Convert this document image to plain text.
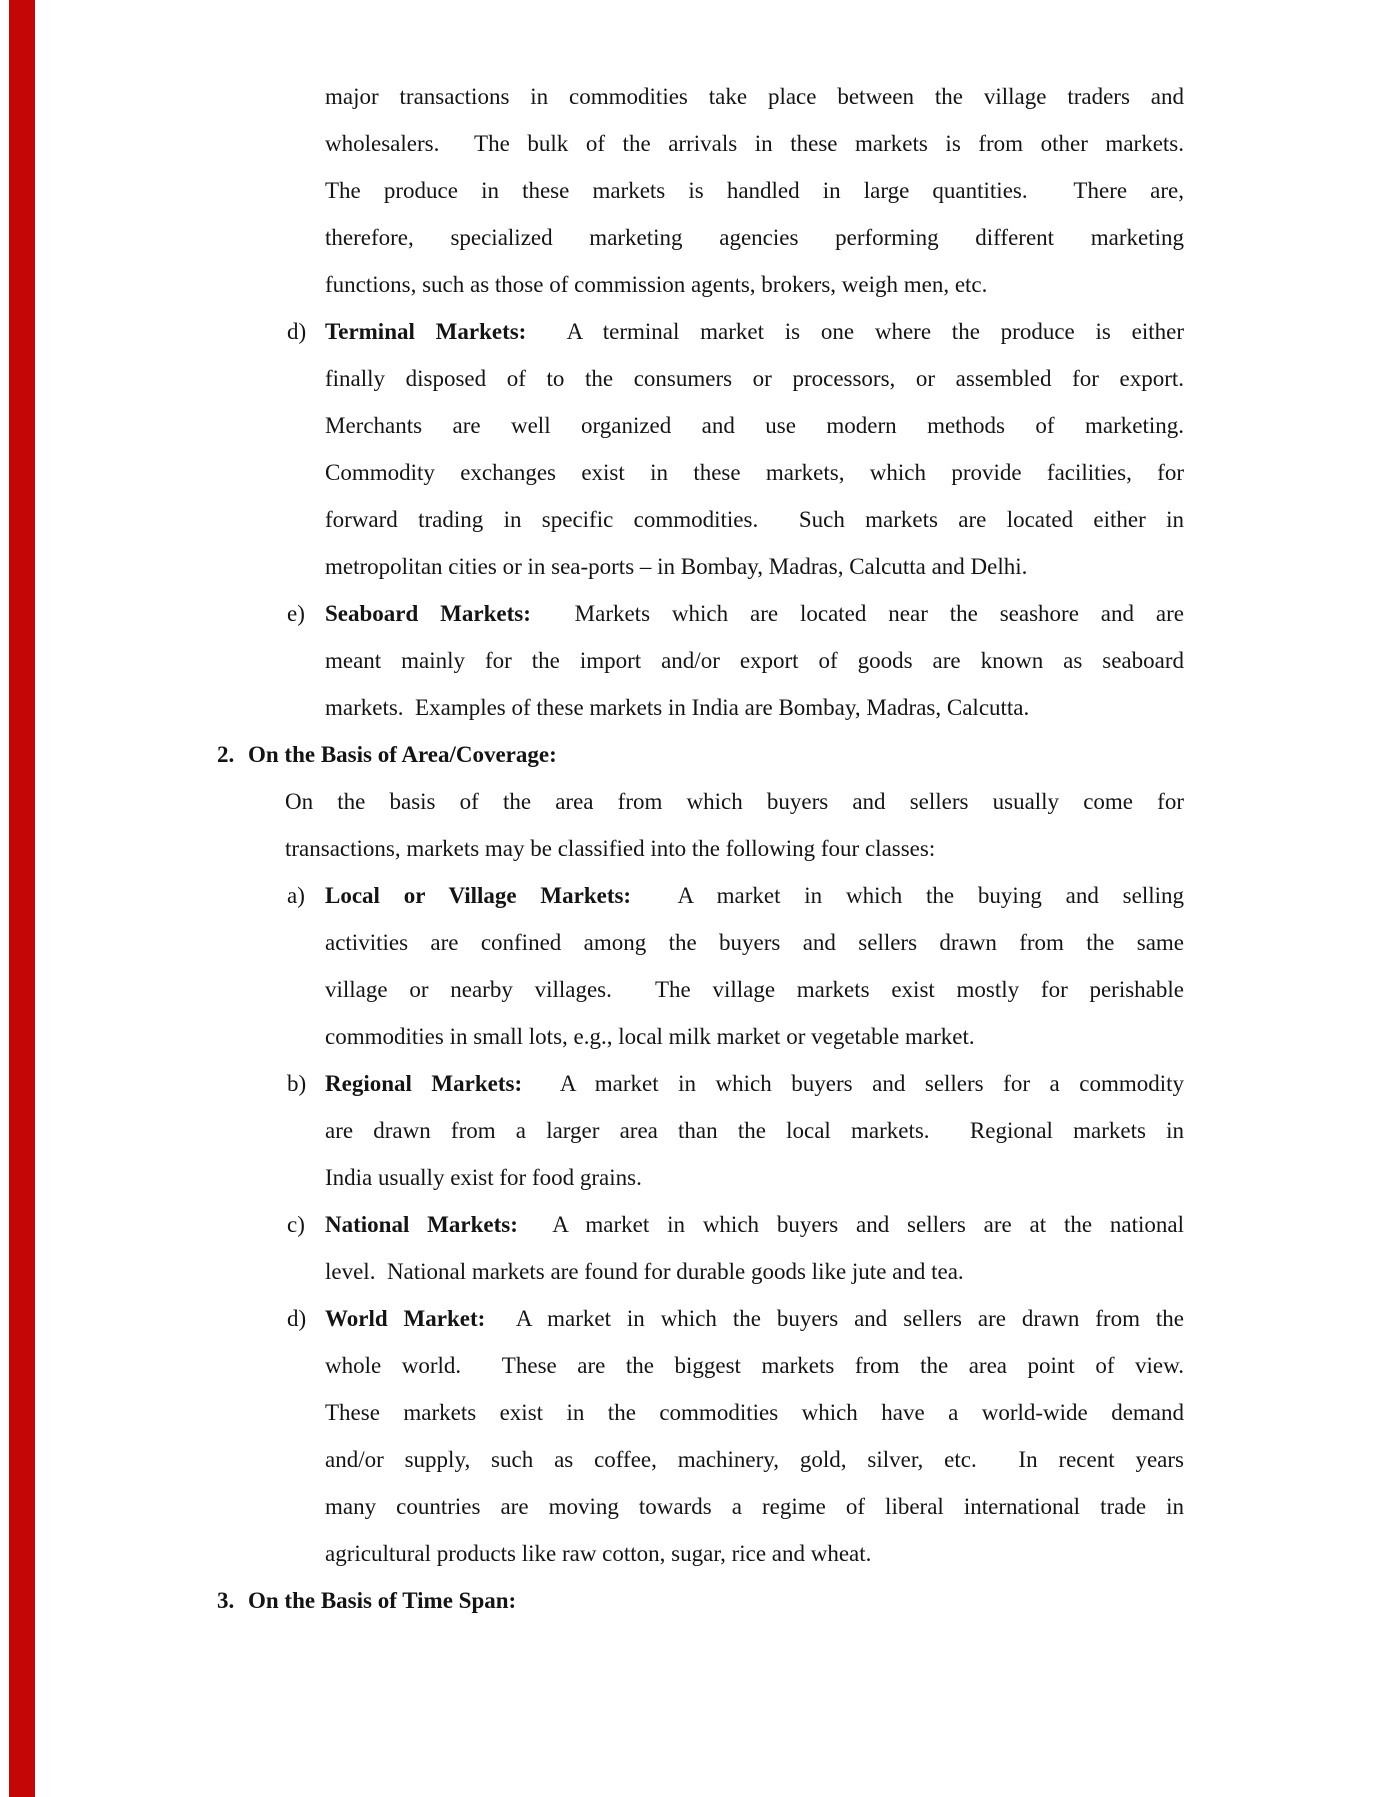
major transactions in commodities take place between the village traders and
wholesalers.  The bulk of the arrivals in these markets is from other markets.
The produce in these markets is handled in large quantities.  There are,
therefore, specialized marketing agencies performing different marketing
functions, such as those of commission agents, brokers, weigh men, etc.
d) Terminal Markets:  A terminal market is one where the produce is either
finally disposed of to the consumers or processors, or assembled for export.
Merchants are well organized and use modern methods of marketing.
Commodity exchanges exist in these markets, which provide facilities, for
forward trading in specific commodities.  Such markets are located either in
metropolitan cities or in sea-ports – in Bombay, Madras, Calcutta and Delhi.
e) Seaboard Markets:  Markets which are located near the seashore and are
meant mainly for the import and/or export of goods are known as seaboard
markets.  Examples of these markets in India are Bombay, Madras, Calcutta.
2. On the Basis of Area/Coverage:
On the basis of the area from which buyers and sellers usually come for
transactions, markets may be classified into the following four classes:
a) Local or Village Markets:  A market in which the buying and selling
activities are confined among the buyers and sellers drawn from the same
village or nearby villages.  The village markets exist mostly for perishable
commodities in small lots, e.g., local milk market or vegetable market.
b) Regional Markets:  A market in which buyers and sellers for a commodity
are drawn from a larger area than the local markets.  Regional markets in
India usually exist for food grains.
c) National Markets:  A market in which buyers and sellers are at the national
level.  National markets are found for durable goods like jute and tea.
d) World Market:  A market in which the buyers and sellers are drawn from the
whole world.  These are the biggest markets from the area point of view.
These markets exist in the commodities which have a world-wide demand
and/or supply, such as coffee, machinery, gold, silver, etc.  In recent years
many countries are moving towards a regime of liberal international trade in
agricultural products like raw cotton, sugar, rice and wheat.
3. On the Basis of Time Span:
